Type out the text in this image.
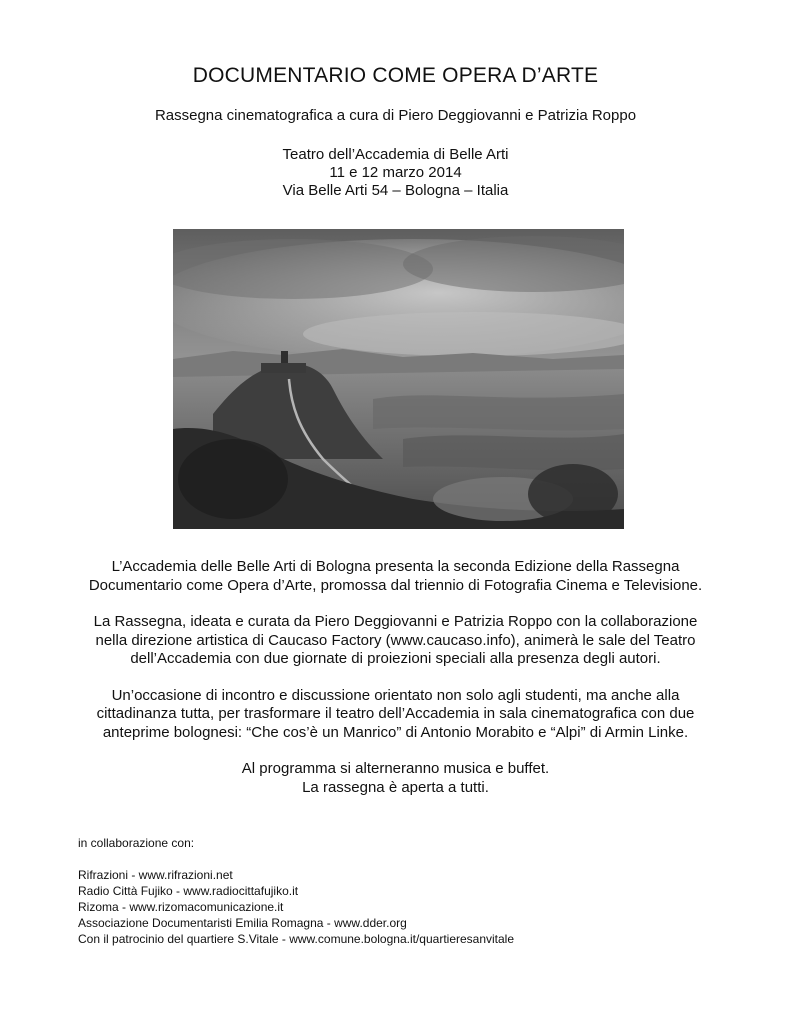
DOCUMENTARIO COME OPERA D’ARTE
Rassegna cinematografica a cura di Piero Deggiovanni e Patrizia Roppo
Teatro dell’Accademia di Belle Arti
11 e 12 marzo 2014
Via Belle Arti 54 – Bologna – Italia

L’Accademia delle Belle Arti di Bologna presenta la seconda Edizione della Rassegna
Documentario come Opera d’Arte, promossa dal triennio di Fotografia Cinema e Televisione.

La Rassegna, ideata e curata da Piero Deggiovanni e Patrizia Roppo con la collaborazione
nella direzione artistica di Caucaso Factory (www.caucaso.info), animerà le sale del Teatro
dell’Accademia con due giornate di proiezioni speciali alla presenza degli autori.

Un’occasione di incontro e discussione orientato non solo agli studenti, ma anche alla
cittadinanza tutta, per trasformare il teatro dell’Accademia in sala cinematografica con due
anteprime bolognesi: “Che cos’è un Manrico” di Antonio Morabito e “Alpi” di Armin Linke.

Al programma si alterneranno musica e buffet.
La rassegna è aperta a tutti.

in collaborazione con:
Rifrazioni - www.rifrazioni.net
Radio Città Fujiko - www.radiocittafujiko.it
Rizoma - www.rizomacomunicazione.it
Associazione Documentaristi Emilia Romagna - www.dder.org
Con il patrocinio del quartiere S.Vitale - www.comune.bologna.it/quartieresanvitale
